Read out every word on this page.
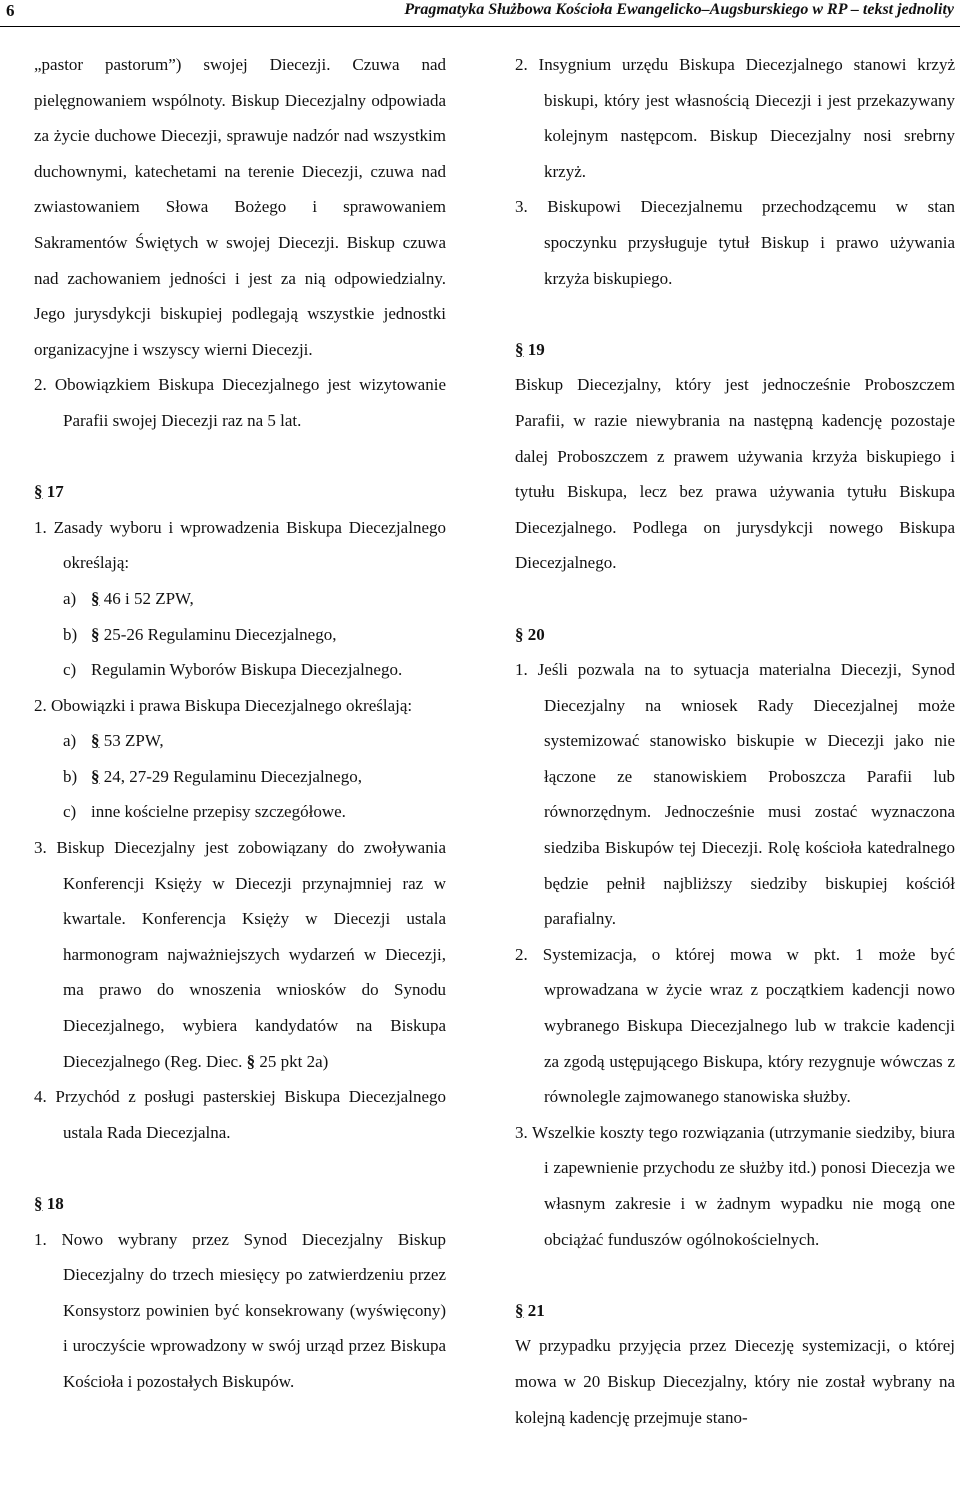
6	Pragmatyka Służbowa Kościoła Ewangelicko–Augsburskiego w RP – tekst jednolity

„pastor pastorum”) swojej Diecezji. Czuwa nad pielęgnowaniem wspólnoty. Biskup Diecezjalny odpowiada za życie duchowe Diecezji, sprawuje nadzór nad wszystkim duchownymi, katechetami na terenie Diecezji, czuwa nad zwiastowaniem Słowa Bożego i sprawowaniem Sakramentów Świętych w swojej Diecezji. Biskup czuwa nad zachowaniem jedności i jest za nią odpowiedzialny. Jego jurysdykcji biskupiej podlegają wszystkie jednostki organizacyjne i wszyscy wierni Diecezji.

2. Obowiązkiem Biskupa Diecezjalnego jest wizytowanie Parafii swojej Diecezji raz na 5 lat.

§ 17

1. Zasady wyboru i wprowadzenia Biskupa Diecezjalnego określają:

a) § 46 i 52 ZPW,

b) § 25-26 Regulaminu Diecezjalnego,

c) Regulamin Wyborów Biskupa Diecezjalnego.

2. Obowiązki i prawa Biskupa Diecezjalnego określają:

a) § 53 ZPW,

b) § 24, 27-29 Regulaminu Diecezjalnego,

c) inne kościelne przepisy szczegółowe.

3. Biskup Diecezjalny jest zobowiązany do zwoływania Konferencji Księży w Diecezji przynajmniej raz w kwartale. Konferencja Księży w Diecezji ustala harmonogram najważniejszych wydarzeń w Diecezji, ma prawo do wnoszenia wniosków do Synodu Diecezjalnego, wybiera kandydatów na Biskupa Diecezjalnego (Reg. Diec. § 25 pkt 2a)

4. Przychód z posługi pasterskiej Biskupa Diecezjalnego ustala Rada Diecezjalna.

§ 18

1. Nowo wybrany przez Synod Diecezjalny Biskup Diecezjalny do trzech miesięcy po zatwierdzeniu przez Konsystorz powinien być konsekrowany (wyświęcony) i uroczyście wprowadzony w swój urząd przez Biskupa Kościoła i pozostałych Biskupów.

2. Insygnium urzędu Biskupa Diecezjalnego stanowi krzyż biskupi, który jest własnością Diecezji i jest przekazywany kolejnym następcom. Biskup Diecezjalny nosi srebrny krzyż.

3. Biskupowi Diecezjalnemu przechodzącemu w stan spoczynku przysługuje tytuł Biskup i prawo używania krzyża biskupiego.

§ 19

Biskup Diecezjalny, który jest jednocześnie Proboszczem Parafii, w razie niewybrania na następną kadencję pozostaje dalej Proboszczem z prawem używania krzyża biskupiego i tytułu Biskupa, lecz bez prawa używania tytułu Biskupa Diecezjalnego. Podlega on jurysdykcji nowego Biskupa Diecezjalnego.

§ 20

1. Jeśli pozwala na to sytuacja materialna Diecezji, Synod Diecezjalny na wniosek Rady Diecezjalnej może systemizować stanowisko biskupie w Diecezji jako nie łączone ze stanowiskiem Proboszcza Parafii lub równorzędnym. Jednocześnie musi zostać wyznaczona siedziba Biskupów tej Diecezji. Rolę kościoła katedralnego będzie pełnił najbliższy siedziby biskupiej kościół parafialny.

2. Systemizacja, o której mowa w pkt. 1 może być wprowadzana w życie wraz z początkiem kadencji nowo wybranego Biskupa Diecezjalnego lub w trakcie kadencji za zgodą ustępującego Biskupa, który rezygnuje wówczas z równolegle zajmowanego stanowiska służby.

3. Wszelkie koszty tego rozwiązania (utrzymanie siedziby, biura i zapewnienie przychodu ze służby itd.) ponosi Diecezja we własnym zakresie i w żadnym wypadku nie mogą one obciążać funduszów ogólnokościelnych.

§ 21

W przypadku przyjęcia przez Diecezję systemizacji, o której mowa w 20 Biskup Diecezjalny, który nie został wybrany na kolejną kadencję przejmuje stano-
